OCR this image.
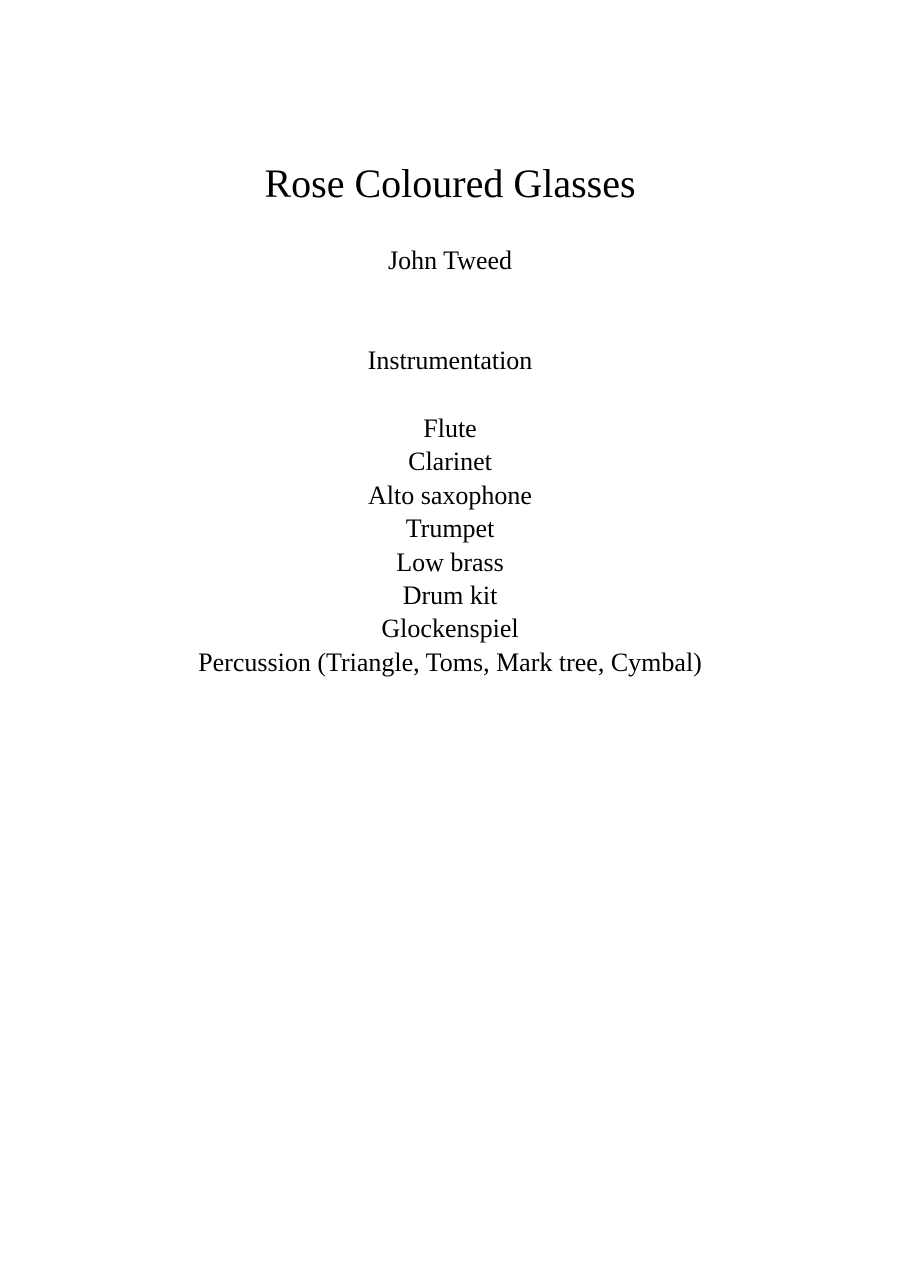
Rose Coloured Glasses
John Tweed
Instrumentation
Flute
Clarinet
Alto saxophone
Trumpet
Low brass
Drum kit
Glockenspiel
Percussion (Triangle, Toms, Mark tree, Cymbal)
